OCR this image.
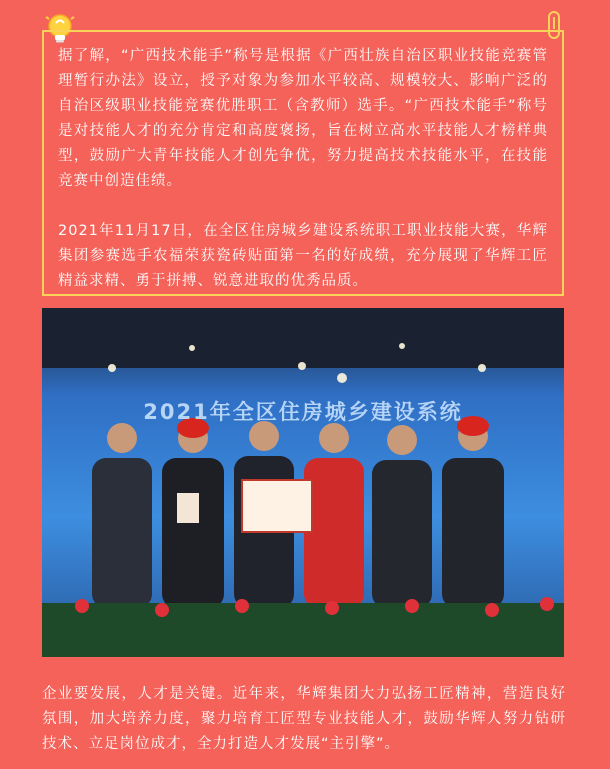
据了解，“广西技术能手”称号是根据《广西壮族自治区职业技能竞赛管理暂行办法》设立，授予对象为参加水平较高、规模较大、影响广泛的自治区级职业技能竞赛优胜职工（含教师）选手。“广西技术能手”称号是对技能人才的充分肯定和高度褒扬，旨在树立高水平技能人才榜样典型，鼓励广大青年技能人才创先争优，努力提高技术技能水平，在技能竞赛中创造佳绩。

2021年11月17日，在全区住房城乡建设系统职工职业技能大赛，华辉集团参赛选手农福荣获瓷砖贴面第一名的好成绩，充分展现了华辉工匠精益求精、勇于拼搏、锐意进取的优秀品质。

2021年全区住房城乡建设系统

企业要发展，人才是关键。近年来，华辉集团大力弘扬工匠精神，营造良好氛围，加大培养力度，聚力培育工匠型专业技能人才，鼓励华辉人努力钻研技术、立足岗位成才，全力打造人才发展“主引擎”。
